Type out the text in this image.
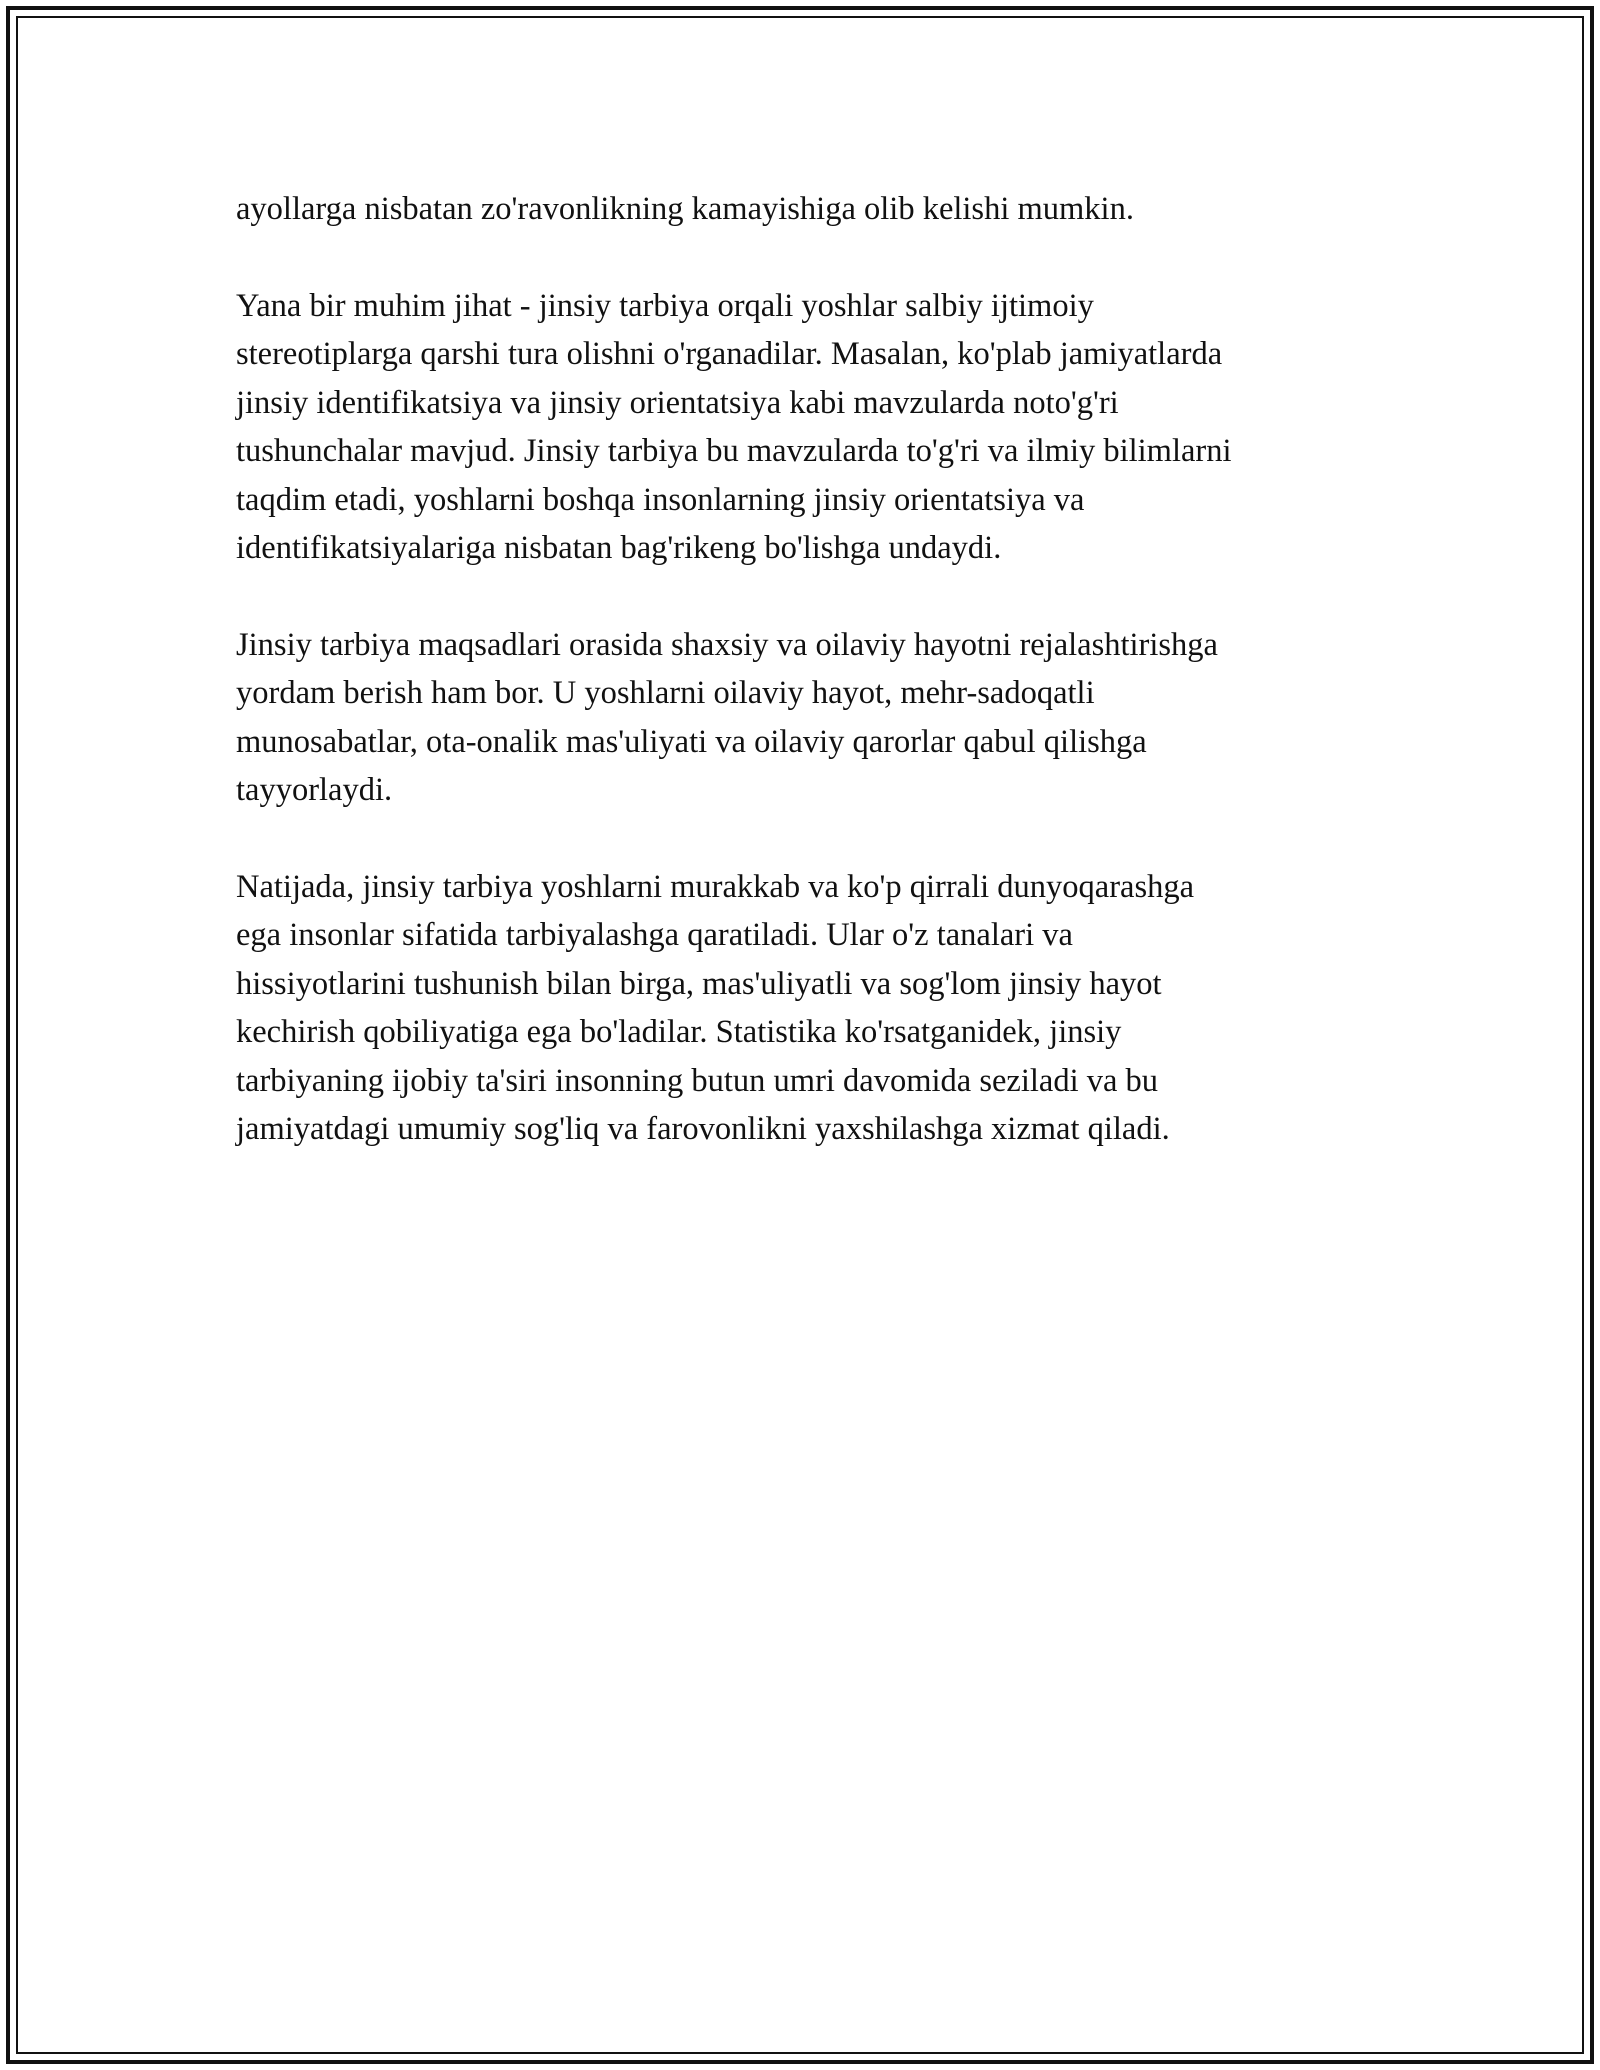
ayollarga nisbatan zo'ravonlikning kamayishiga olib kelishi mumkin.

Yana bir muhim jihat - jinsiy tarbiya orqali yoshlar salbiy ijtimoiy
stereotiplarga qarshi tura olishni o'rganadilar. Masalan, ko'plab jamiyatlarda
jinsiy identifikatsiya va jinsiy orientatsiya kabi mavzularda noto'g'ri
tushunchalar mavjud. Jinsiy tarbiya bu mavzularda to'g'ri va ilmiy bilimlarni
taqdim etadi, yoshlarni boshqa insonlarning jinsiy orientatsiya va
identifikatsiyalariga nisbatan bag'rikeng bo'lishga undaydi.

Jinsiy tarbiya maqsadlari orasida shaxsiy va oilaviy hayotni rejalashtirishga
yordam berish ham bor. U yoshlarni oilaviy hayot, mehr-sadoqatli
munosabatlar, ota-onalik mas'uliyati va oilaviy qarorlar qabul qilishga
tayyorlaydi.

Natijada, jinsiy tarbiya yoshlarni murakkab va ko'p qirrali dunyoqarashga
ega insonlar sifatida tarbiyalashga qaratiladi. Ular o'z tanalari va
hissiyotlarini tushunish bilan birga, mas'uliyatli va sog'lom jinsiy hayot
kechirish qobiliyatiga ega bo'ladilar. Statistika ko'rsatganidek, jinsiy
tarbiyaning ijobiy ta'siri insonning butun umri davomida seziladi va bu
jamiyatdagi umumiy sog'liq va farovonlikni yaxshilashga xizmat qiladi.
